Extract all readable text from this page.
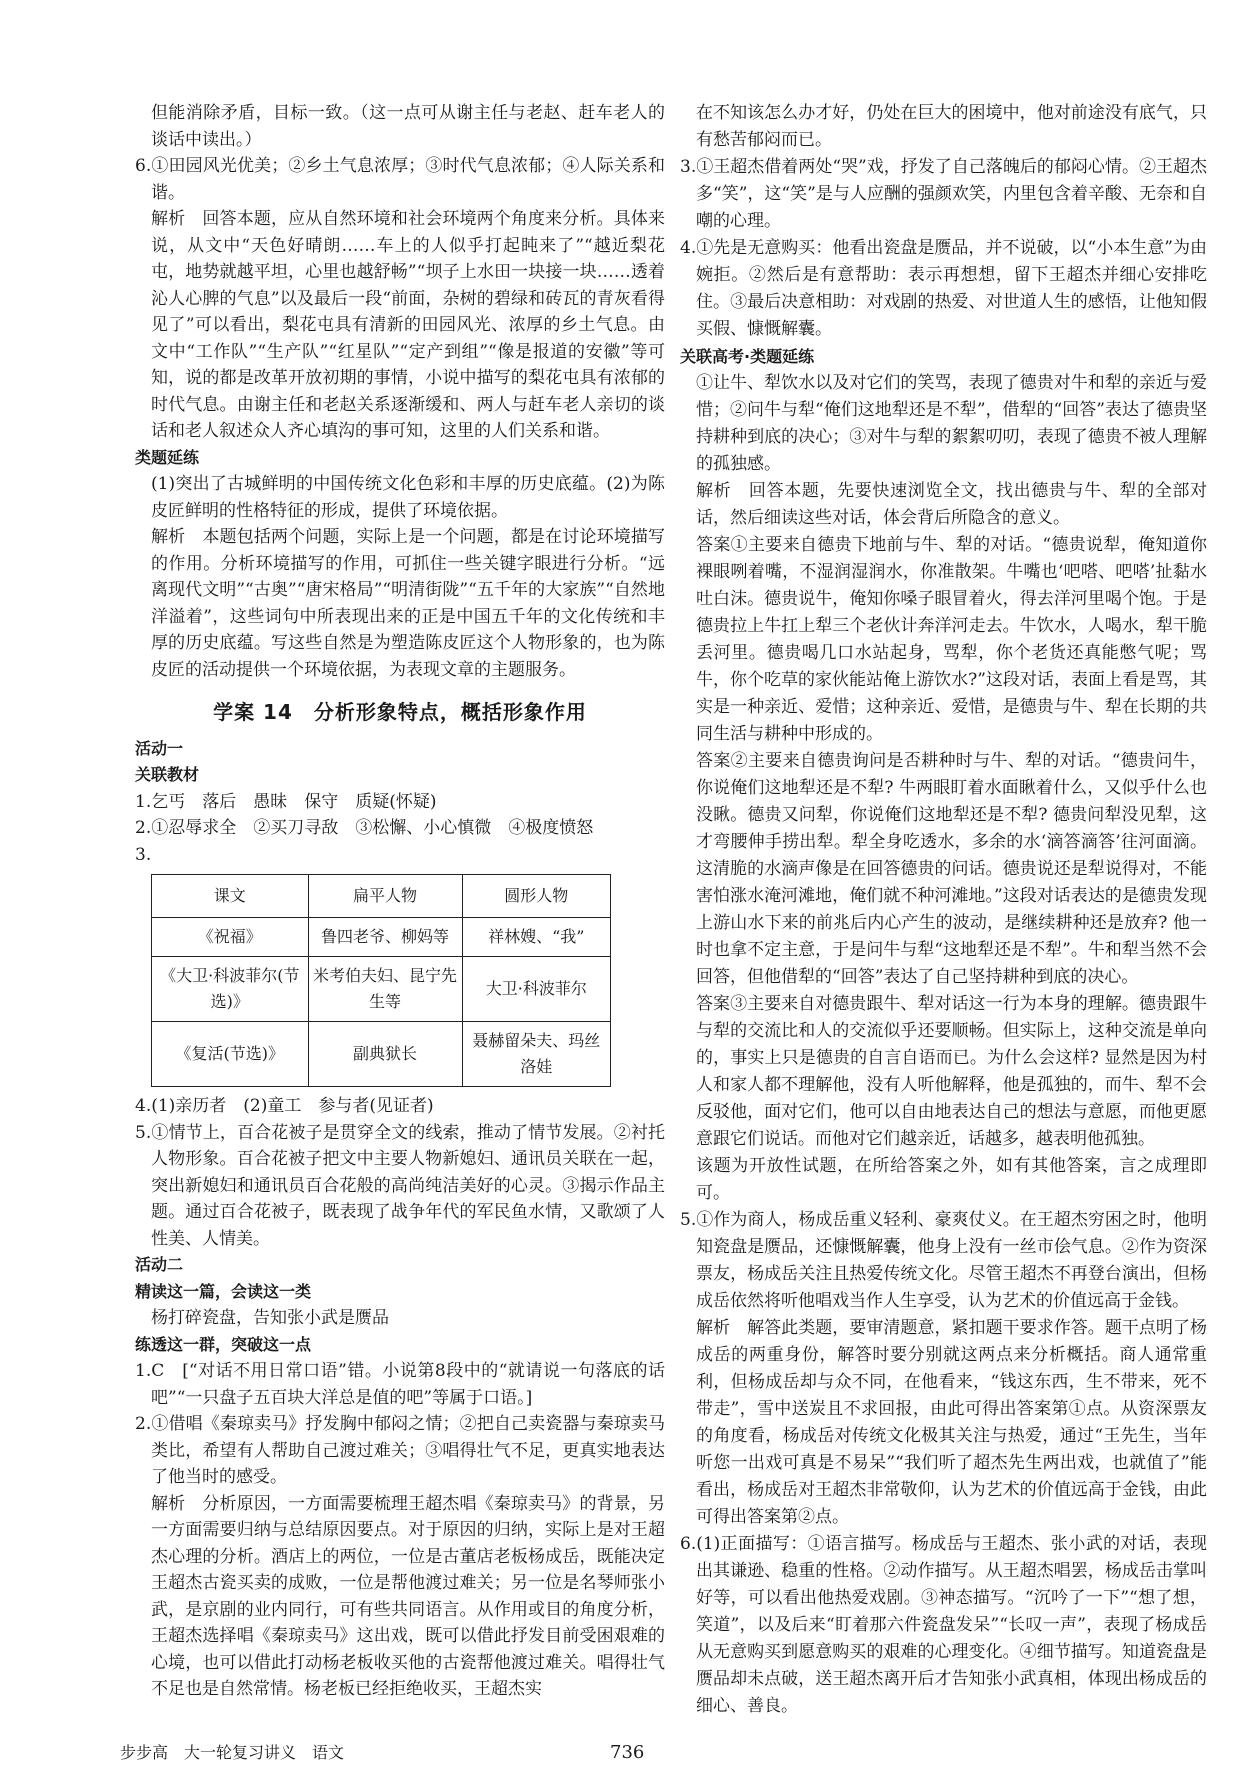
但能消除矛盾，目标一致。（这一点可从谢主任与老赵、赶车老人的谈话中读出。）

6.①田园风光优美；②乡土气息浓厚；③时代气息浓郁；④人际关系和谐。

解析　回答本题，应从自然环境和社会环境两个角度来分析。具体来说，从文中“天色好晴朗……车上的人似乎打起盹来了”“越近梨花屯，地势就越平坦，心里也越舒畅”“坝子上水田一块接一块……透着沁人心脾的气息”以及最后一段“前面，杂树的碧绿和砖瓦的青灰看得见了”可以看出，梨花屯具有清新的田园风光、浓厚的乡土气息。由文中“工作队”“生产队”“红星队”“定产到组”“像是报道的安徽”等可知，说的都是改革开放初期的事情，小说中描写的梨花屯具有浓郁的时代气息。由谢主任和老赵关系逐渐缓和、两人与赶车老人亲切的谈话和老人叙述众人齐心填沟的事可知，这里的人们关系和谐。

类题延练

(1)突出了古城鲜明的中国传统文化色彩和丰厚的历史底蕴。(2)为陈皮匠鲜明的性格特征的形成，提供了环境依据。

解析　本题包括两个问题，实际上是一个问题，都是在讨论环境描写的作用。分析环境描写的作用，可抓住一些关键字眼进行分析。“远离现代文明”“古奥”“唐宋格局”“明清街陇”“五千年的大家族”“自然地洋溢着”，这些词句中所表现出来的正是中国五千年的文化传统和丰厚的历史底蕴。写这些自然是为塑造陈皮匠这个人物形象的，也为陈皮匠的活动提供一个环境依据，为表现文章的主题服务。

学案 14　分析形象特点，概括形象作用

活动一

关联教材

1.乞丐　落后　愚昧　保守　质疑(怀疑)

2.①忍辱求全　②买刀寻敌　③松懈、小心慎微　④极度愤怒

3.

课文	扁平人物	圆形人物
《祝福》	鲁四老爷、柳妈等	祥林嫂、“我”
《大卫·科波菲尔(节选)》	米考伯夫妇、昆宁先生等	大卫·科波菲尔
《复活(节选)》	副典狱长	聂赫留朵夫、玛丝洛娃

4.(1)亲历者　(2)童工　参与者(见证者)

5.①情节上，百合花被子是贯穿全文的线索，推动了情节发展。②衬托人物形象。百合花被子把文中主要人物新媳妇、通讯员关联在一起，突出新媳妇和通讯员百合花般的高尚纯洁美好的心灵。③揭示作品主题。通过百合花被子，既表现了战争年代的军民鱼水情，又歌颂了人性美、人情美。

活动二

精读这一篇，会读这一类

杨打碎瓷盘，告知张小武是赝品

练透这一群，突破这一点

1.C　[“对话不用日常口语”错。小说第8段中的“就请说一句落底的话吧”“一只盘子五百块大洋总是值的吧”等属于口语。]

2.①借唱《秦琼卖马》抒发胸中郁闷之情；②把自己卖瓷器与秦琼卖马类比，希望有人帮助自己渡过难关；③唱得壮气不足，更真实地表达了他当时的感受。

解析　分析原因，一方面需要梳理王超杰唱《秦琼卖马》的背景，另一方面需要归纳与总结原因要点。对于原因的归纳，实际上是对王超杰心理的分析。酒店上的两位，一位是古董店老板杨成岳，既能决定王超杰古瓷买卖的成败，一位是帮他渡过难关；另一位是名琴师张小武，是京剧的业内同行，可有些共同语言。从作用或目的角度分析，王超杰选择唱《秦琼卖马》这出戏，既可以借此抒发目前受困艰难的心境，也可以借此打动杨老板收买他的古瓷帮他渡过难关。唱得壮气不足也是自然常情。杨老板已经拒绝收买，王超杰实

在不知该怎么办才好，仍处在巨大的困境中，他对前途没有底气，只有愁苦郁闷而已。

3.①王超杰借着两处“哭”戏，抒发了自己落魄后的郁闷心情。②王超杰多“笑”，这“笑”是与人应酬的强颜欢笑，内里包含着辛酸、无奈和自嘲的心理。

4.①先是无意购买：他看出瓷盘是赝品，并不说破，以“小本生意”为由婉拒。②然后是有意帮助：表示再想想，留下王超杰并细心安排吃住。③最后决意相助：对戏剧的热爱、对世道人生的感悟，让他知假买假、慷慨解囊。

关联高考·类题延练

①让牛、犁饮水以及对它们的笑骂，表现了德贵对牛和犁的亲近与爱惜；②问牛与犁“俺们这地犁还是不犁”，借犁的“回答”表达了德贵坚持耕种到底的决心；③对牛与犁的絮絮叨叨，表现了德贵不被人理解的孤独感。

解析　回答本题，先要快速浏览全文，找出德贵与牛、犁的全部对话，然后细读这些对话，体会背后所隐含的意义。

答案①主要来自德贵下地前与牛、犁的对话。“德贵说犁，俺知道你裸眼咧着嘴，不湿润湿润水，你准散架。牛嘴也‘吧嗒、吧嗒’扯黏水吐白沫。德贵说牛，俺知你嗓子眼冒着火，得去洋河里喝个饱。于是德贵拉上牛扛上犁三个老伙计奔洋河走去。牛饮水，人喝水，犁干脆丢河里。德贵喝几口水站起身，骂犁，你个老货还真能憋气呢；骂牛，你个吃草的家伙能站俺上游饮水?”这段对话，表面上看是骂，其实是一种亲近、爱惜；这种亲近、爱惜，是德贵与牛、犁在长期的共同生活与耕种中形成的。

答案②主要来自德贵询问是否耕种时与牛、犁的对话。“德贵问牛，你说俺们这地犁还是不犁? 牛两眼盯着水面瞅着什么，又似乎什么也没瞅。德贵又问犁，你说俺们这地犁还是不犁? 德贵问犁没见犁，这才弯腰伸手捞出犁。犁全身吃透水，多余的水‘滴答滴答’往河面滴。这清脆的水滴声像是在回答德贵的问话。德贵说还是犁说得对，不能害怕涨水淹河滩地，俺们就不种河滩地。”这段对话表达的是德贵发现上游山水下来的前兆后内心产生的波动，是继续耕种还是放弃? 他一时也拿不定主意，于是问牛与犁“这地犁还是不犁”。牛和犁当然不会回答，但他借犁的“回答”表达了自己坚持耕种到底的决心。

答案③主要来自对德贵跟牛、犁对话这一行为本身的理解。德贵跟牛与犁的交流比和人的交流似乎还要顺畅。但实际上，这种交流是单向的，事实上只是德贵的自言自语而已。为什么会这样? 显然是因为村人和家人都不理解他，没有人听他解释，他是孤独的，而牛、犁不会反驳他，面对它们，他可以自由地表达自己的想法与意愿，而他更愿意跟它们说话。而他对它们越亲近，话越多，越表明他孤独。

该题为开放性试题，在所给答案之外，如有其他答案，言之成理即可。

5.①作为商人，杨成岳重义轻利、豪爽仗义。在王超杰穷困之时，他明知瓷盘是赝品，还慷慨解囊，他身上没有一丝市侩气息。②作为资深票友，杨成岳关注且热爱传统文化。尽管王超杰不再登台演出，但杨成岳依然将听他唱戏当作人生享受，认为艺术的价值远高于金钱。

解析　解答此类题，要审清题意，紧扣题干要求作答。题干点明了杨成岳的两重身份，解答时要分别就这两点来分析概括。商人通常重利，但杨成岳却与众不同，在他看来，“钱这东西，生不带来，死不带走”，雪中送炭且不求回报，由此可得出答案第①点。从资深票友的角度看，杨成岳对传统文化极其关注与热爱，通过“王先生，当年听您一出戏可真是不易呆”“我们听了超杰先生两出戏，也就值了”能看出，杨成岳对王超杰非常敬仰，认为艺术的价值远高于金钱，由此可得出答案第②点。

6.(1)正面描写：①语言描写。杨成岳与王超杰、张小武的对话，表现出其谦逊、稳重的性格。②动作描写。从王超杰唱罢，杨成岳击掌叫好等，可以看出他热爱戏剧。③神态描写。“沉吟了一下”“想了想，笑道”，以及后来“盯着那六件瓷盘发呆”“长叹一声”，表现了杨成岳从无意购买到愿意购买的艰难的心理变化。④细节描写。知道瓷盘是赝品却未点破，送王超杰离开后才告知张小武真相，体现出杨成岳的细心、善良。

步步高　大一轮复习讲义　语文	736
